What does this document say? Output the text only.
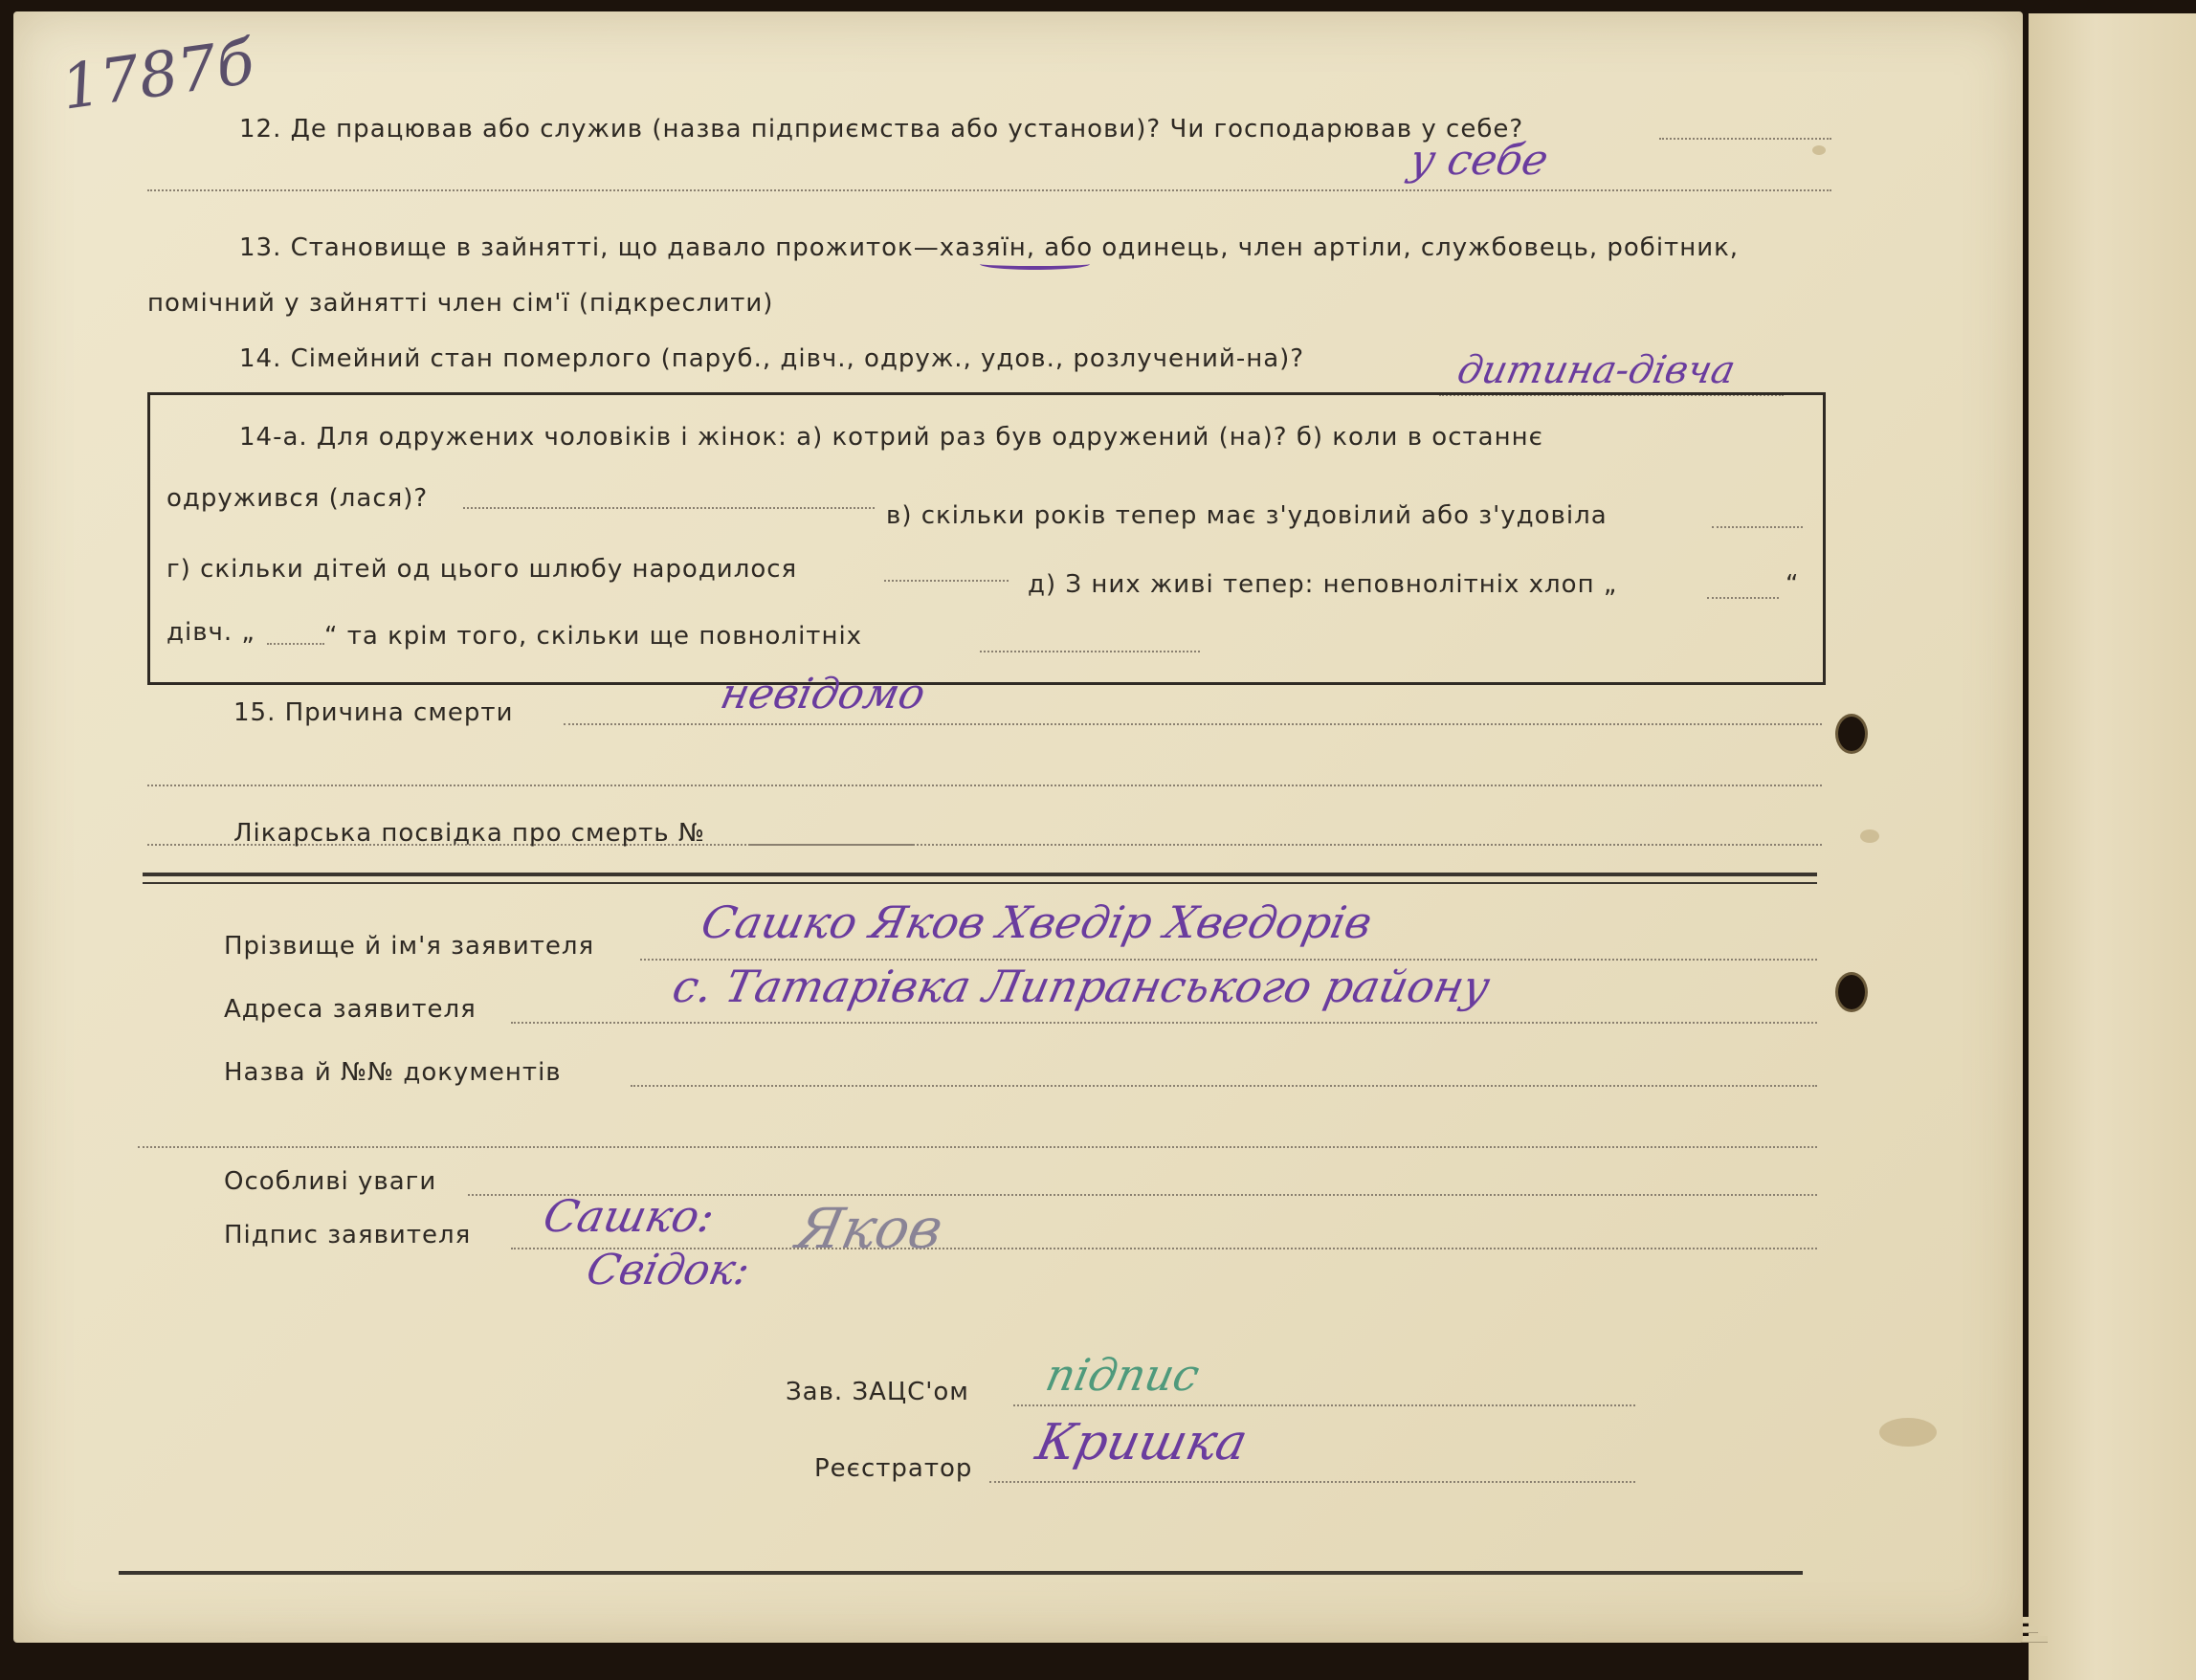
1787б
12. Де працював або служив (назва підприємства або установи)? Чи господарював у себе?
у себе
13. Становище в зайнятті, що давало прожиток—хазяїн, або одинець, член артіли, службовець, робітник,
помічний у зайнятті член сім'ї (підкреслити)
14. Сімейний стан померлого (паруб., дівч., одруж., удов., розлучений-на)?	дитина-дівча
14-а. Для одружених чоловіків і жінок: а) котрий раз був одружений (на)? б) коли в останнє
одружився (лася)?
в) скільки років тепер має з'удовілий або з'удовіла
г) скільки дітей од цього шлюбу народилося
д) З них живі тепер: неповнолітніх хлоп „	“
дівч. „	“ та крім того, скільки ще повнолітніх
15. Причина смерти	невідомо
Лікарська посвідка про смерть №
Прізвище й ім'я заявителя Сашко Яков Хведір Хведорів
Адреса заявителя	с. Татарівка Липранського району
Назва й №№ документів
Особливі уваги
Підпис заявителя Сашко:
Свідок:
Яков
Зав. ЗАЦС'ом підпис
Реєстратор Кришка
